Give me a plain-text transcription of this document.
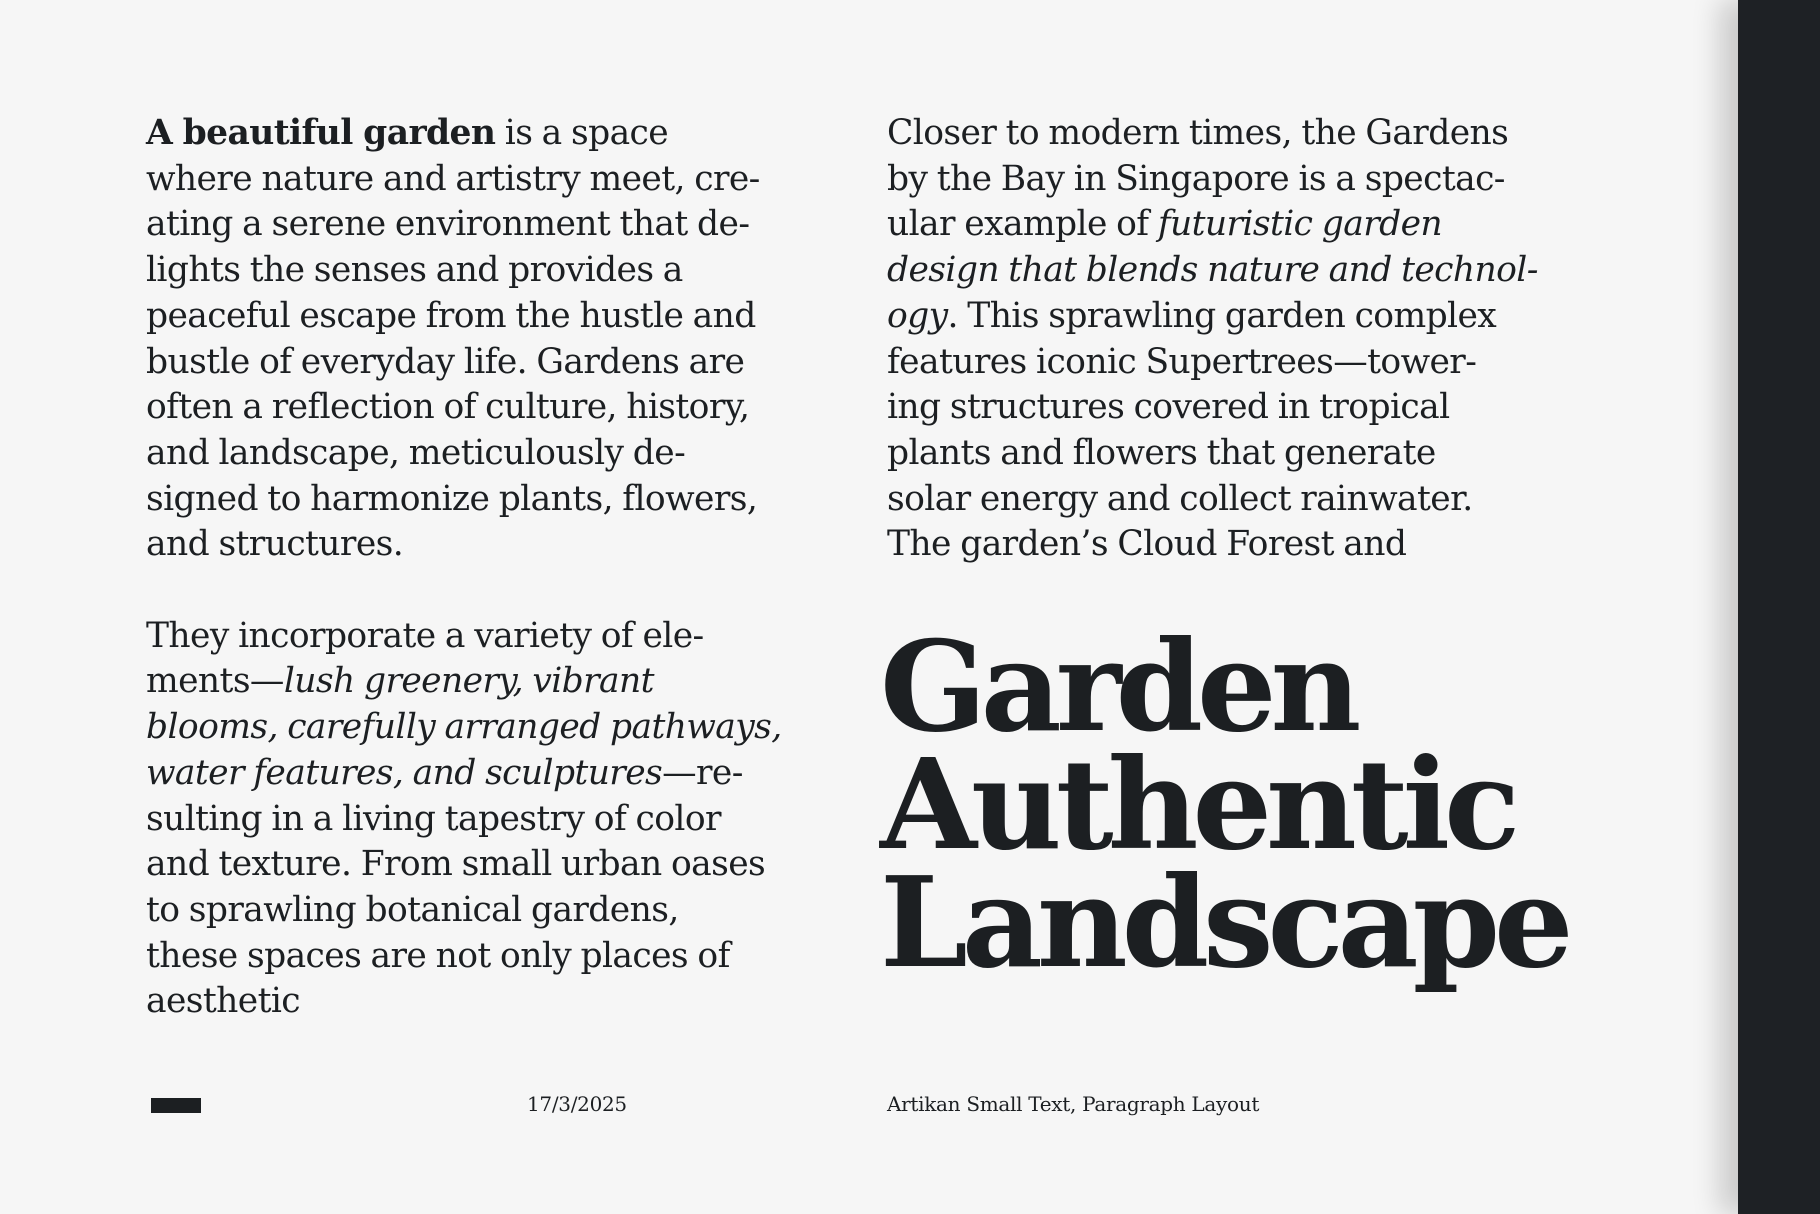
A beautiful garden is a space
where nature and artistry meet, cre-
ating a serene environment that de-
lights the senses and provides a
peaceful escape from the hustle and
bustle of everyday life. Gardens are
often a reflection of culture, history,
and landscape, meticulously de-
signed to harmonize plants, flowers,
and structures.

They incorporate a variety of ele-
ments—lush greenery, vibrant
blooms, carefully arranged pathways,
water features, and sculptures—re-
sulting in a living tapestry of color
and texture. From small urban oases
to sprawling botanical gardens,
these spaces are not only places of
aesthetic

Closer to modern times, the Gardens
by the Bay in Singapore is a spectac-
ular example of futuristic garden
design that blends nature and technol-
ogy. This sprawling garden complex
features iconic Supertrees—tower-
ing structures covered in tropical
plants and flowers that generate
solar energy and collect rainwater.
The garden’s Cloud Forest and

Garden
Authentic
Landscape
17/3/2025	Artikan Small Text, Paragraph Layout
